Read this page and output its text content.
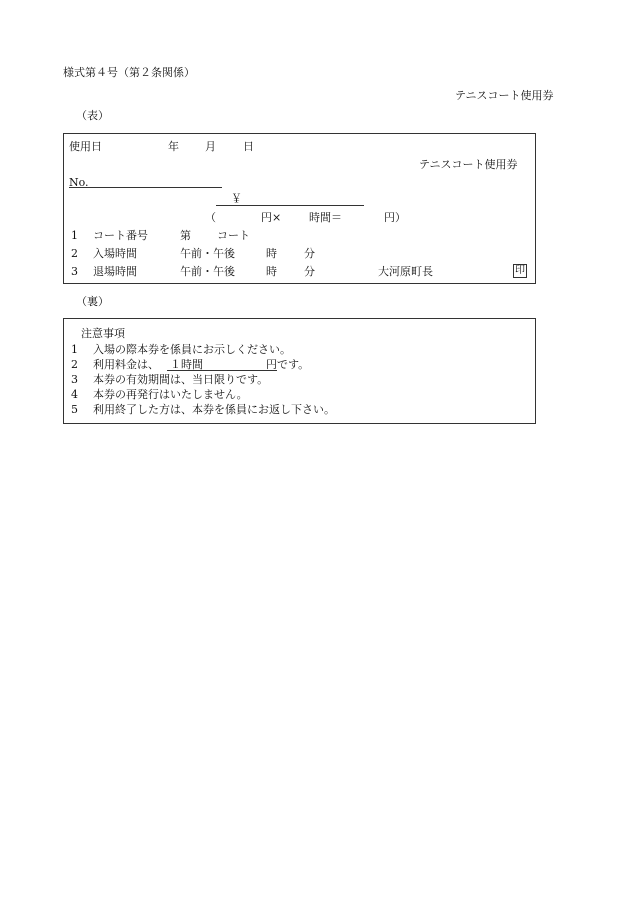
様式第４号（第２条関係）
テニスコート使用券
（表）
使用日	年 月 日
テニスコート使用券
No.
￥
（	円×	時間＝	円）
1 コート番号	第 コート
2 入場時間	午前・午後	時 分
3 退場時間	午前・午後	時 分	大河原町長	印
（裏）
注意事項
1 入場の際本券を係員にお示しください。
2 利用料金は、 １時間	円です。
3 本券の有効期間は、当日限りです。
4 本券の再発行はいたしません。
5 利用終了した方は、本券を係員にお返し下さい。
